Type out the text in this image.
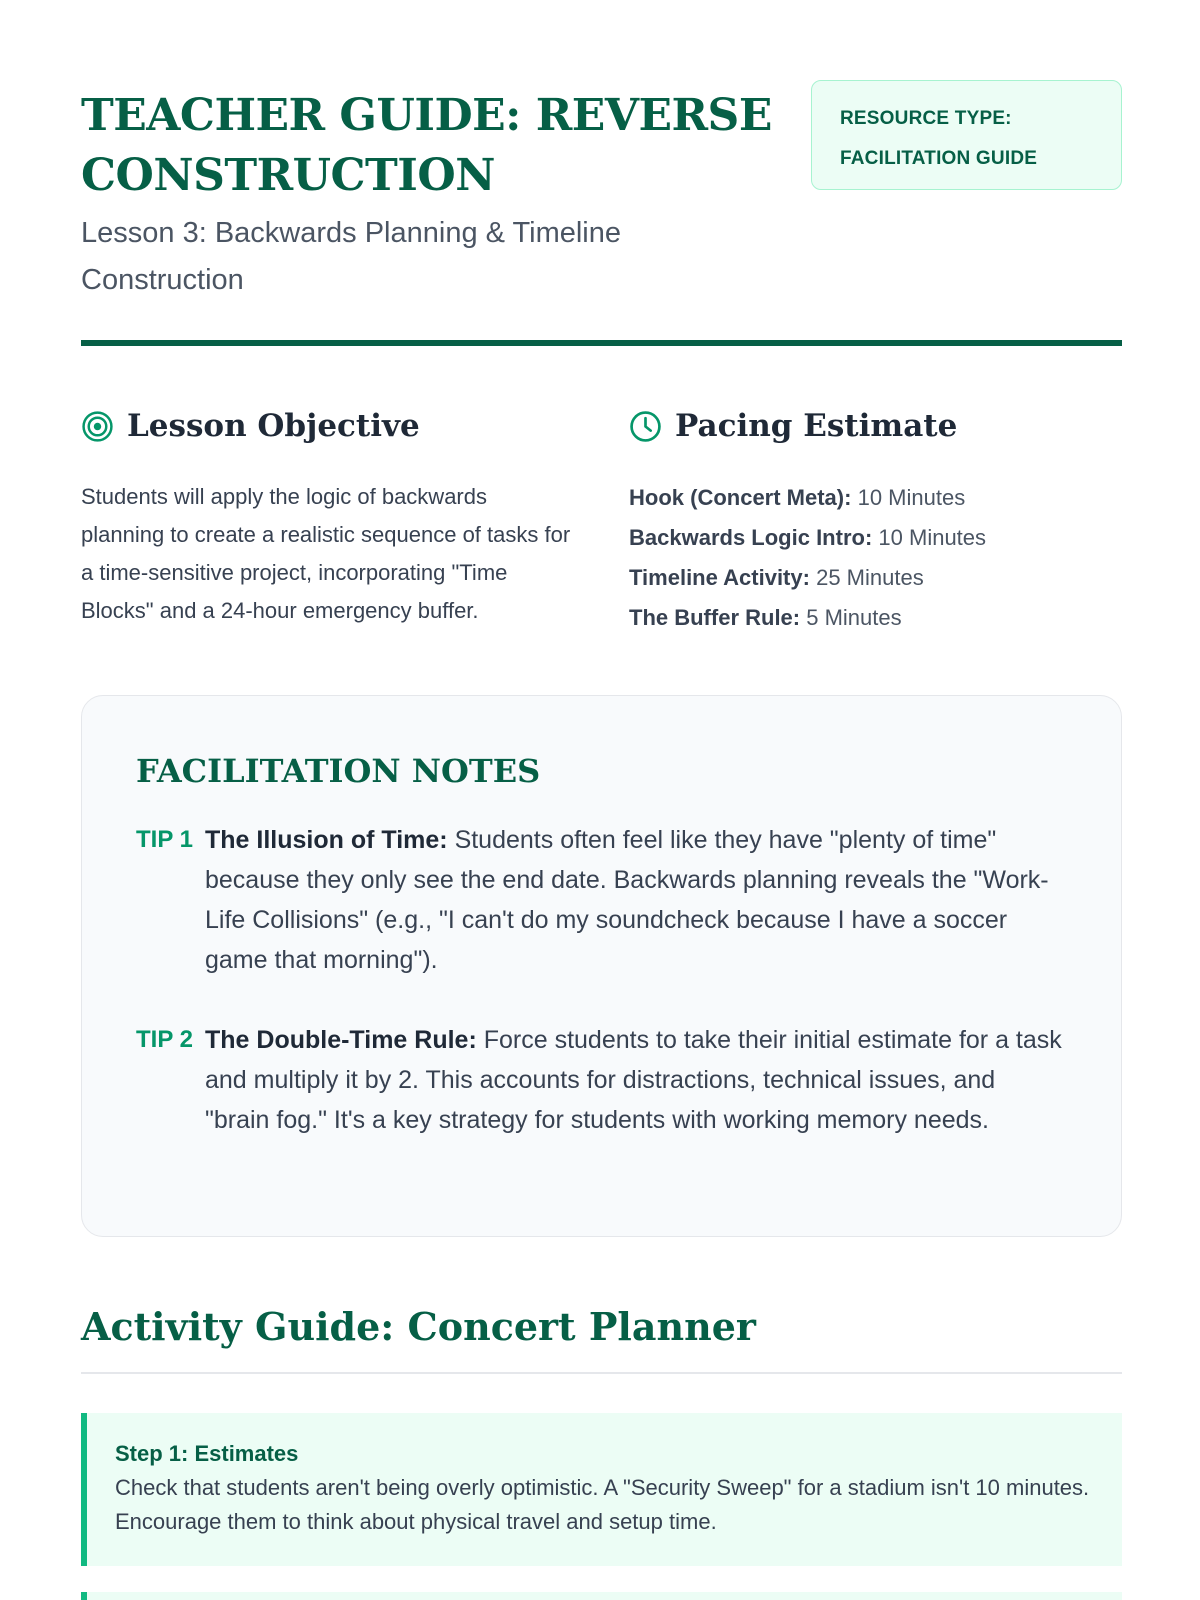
TEACHER GUIDE: REVERSE CONSTRUCTION
Lesson 3: Backwards Planning & Timeline Construction
RESOURCE TYPE:
FACILITATION GUIDE
Lesson Objective

Students will apply the logic of backwards planning to create a realistic sequence of tasks for a time-sensitive project, incorporating "Time Blocks" and a 24-hour emergency buffer.

Pacing Estimate
Hook (Concert Meta): 10 Minutes
Backwards Logic Intro: 10 Minutes
Timeline Activity: 25 Minutes
The Buffer Rule: 5 Minutes
FACILITATION NOTES
TIP 1 The Illusion of Time: Students often feel like they have "plenty of time" because they only see the end date. Backwards planning reveals the "Work-Life Collisions" (e.g., "I can't do my soundcheck because I have a soccer game that morning").
TIP 2 The Double-Time Rule: Force students to take their initial estimate for a task and multiply it by 2. This accounts for distractions, technical issues, and "brain fog." It's a key strategy for students with working memory needs.
Activity Guide: Concert Planner
Step 1: Estimates
Check that students aren't being overly optimistic. A "Security Sweep" for a stadium isn't 10 minutes. Encourage them to think about physical travel and setup time.
